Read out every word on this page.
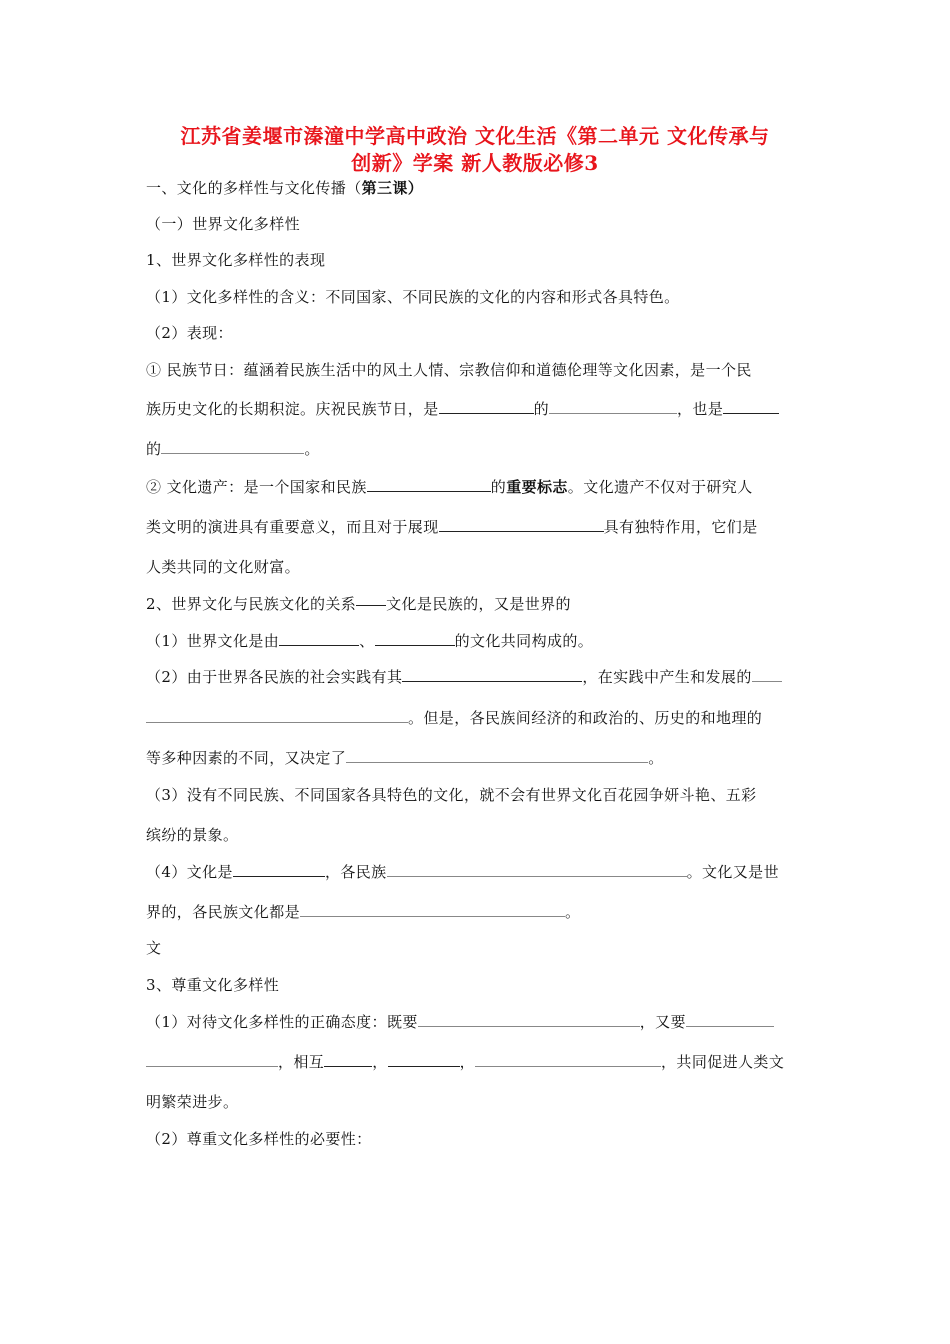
江苏省姜堰市溱潼中学高中政治 文化生活《第二单元 文化传承与
创新》学案 新人教版必修3
一、文化的多样性与文化传播（第三课）
（一）世界文化多样性
1、世界文化多样性的表现
（1）文化多样性的含义：不同国家、不同民族的文化的内容和形式各具特色。
（2）表现：
① 民族节日：蕴涵着民族生活中的风土人情、宗教信仰和道德伦理等文化因素，是一个民
族历史文化的长期积淀。庆祝民族节日，是	的	，也是
的	。
② 文化遗产：是一个国家和民族	的重要标志。文化遗产不仅对于研究人
类文明的演进具有重要意义，而且对于展现	具有独特作用，它们是
人类共同的文化财富。
2、世界文化与民族文化的关系 文化是民族的，又是世界的
（1）世界文化是由	、	的文化共同构成的。
（2）由于世界各民族的社会实践有其	，在实践中产生和发展的
。但是，各民族间经济的和政治的、历史的和地理的
等多种因素的不同，又决定了	。
（3）没有不同民族、不同国家各具特色的文化，就不会有世界文化百花园争妍斗艳、五彩
缤纷的景象。
（4）文化是	，各民族	。文化又是世
界的，各民族文化都是	。
文
3、尊重文化多样性
（1）对待文化多样性的正确态度：既要	，又要
，相互	，	，	，共同促进人类文
明繁荣进步。
（2）尊重文化多样性的必要性：
